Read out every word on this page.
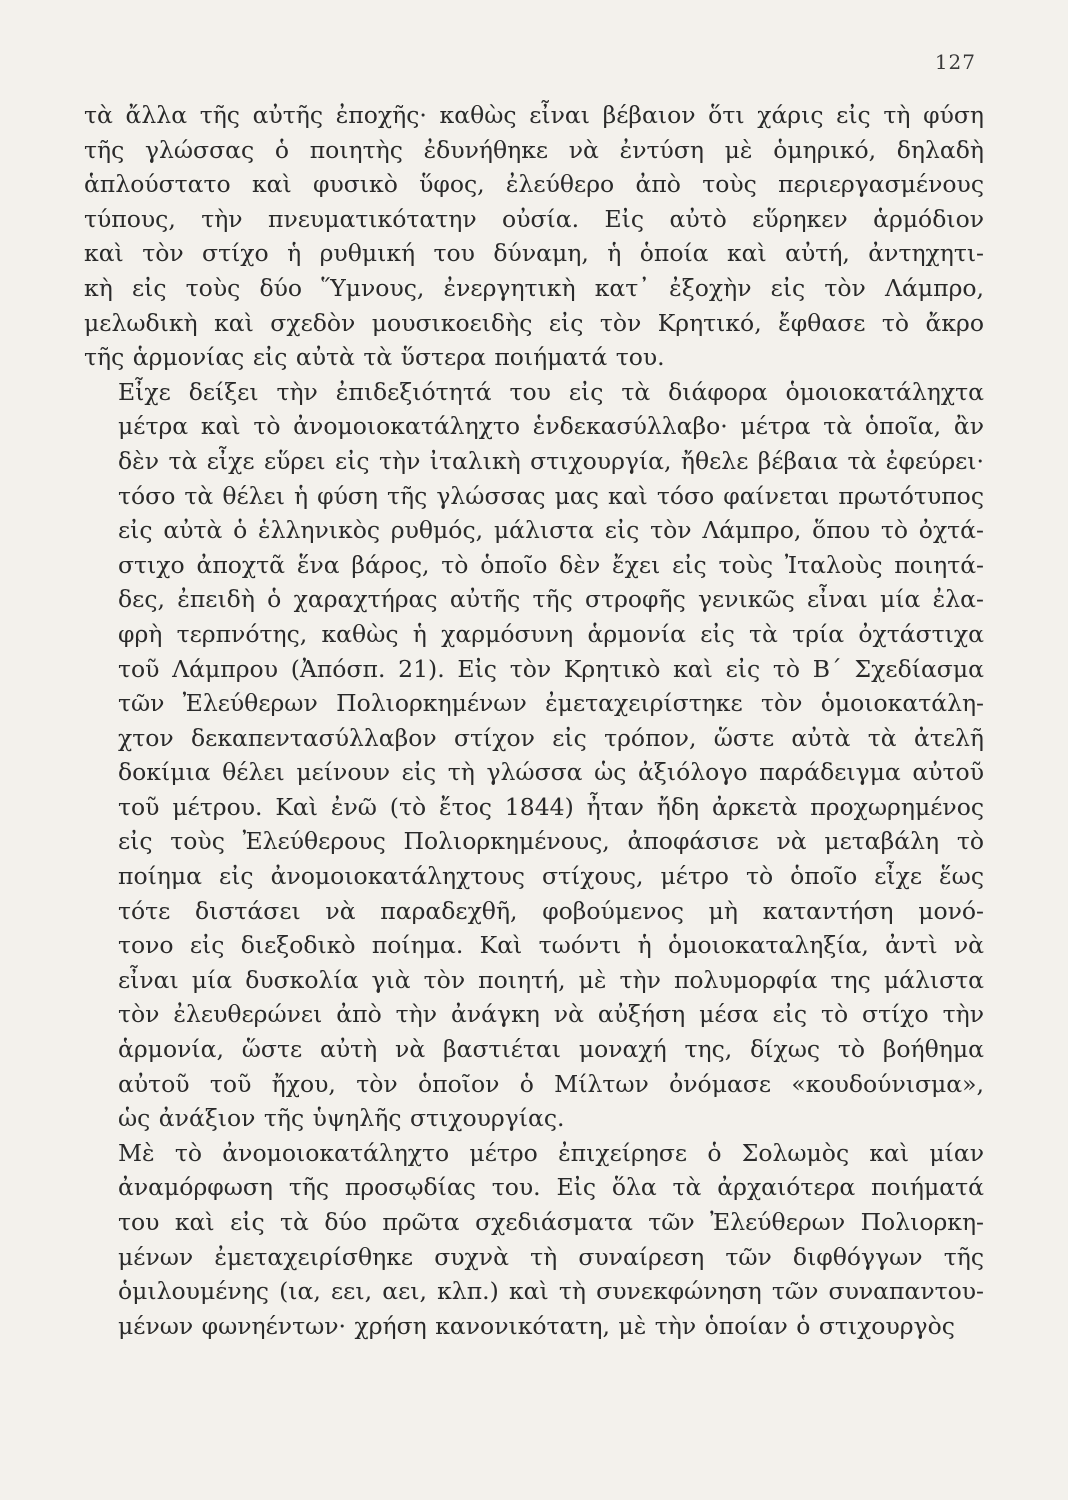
127

τὰ ἄλλα τῆς αὐτῆς ἐποχῆς· καθὼς εἶναι βέβαιον ὅτι χάρις εἰς τὴ φύση
τῆς γλώσσας ὁ ποιητὴς ἐδυνήθηκε νὰ ἐντύση μὲ ὁμηρικό, δηλαδὴ
ἁπλούστατο καὶ φυσικὸ ὕφος, ἐλεύθερο ἀπὸ τοὺς περιεργασμένους
τύπους, τὴν πνευματικότατην οὐσία. Εἰς αὐτὸ εὕρηκεν ἁρμόδιον
καὶ τὸν στίχο ἡ ρυθμική του δύναμη, ἡ ὁποία καὶ αὐτή, ἀντηχητι-
κὴ εἰς τοὺς δύο Ὕμνους, ἐνεργητικὴ κατ᾽ ἐξοχὴν εἰς τὸν Λάμπρο,
μελωδικὴ καὶ σχεδὸν μουσικοειδὴς εἰς τὸν Κρητικό, ἔφθασε τὸ ἄκρο
τῆς ἁρμονίας εἰς αὐτὰ τὰ ὕστερα ποιήματά του.

Εἶχε δείξει τὴν ἐπιδεξιότητά του εἰς τὰ διάφορα ὁμοιοκατάληχτα
μέτρα καὶ τὸ ἀνομοιοκατάληχτο ἑνδεκασύλλαβο· μέτρα τὰ ὁποῖα, ἂν
δὲν τὰ εἶχε εὕρει εἰς τὴν ἰταλικὴ στιχουργία, ἤθελε βέβαια τὰ ἐφεύρει·
τόσο τὰ θέλει ἡ φύση τῆς γλώσσας μας καὶ τόσο φαίνεται πρωτότυπος
εἰς αὐτὰ ὁ ἑλληνικὸς ρυθμός, μάλιστα εἰς τὸν Λάμπρο, ὅπου τὸ ὀχτά-
στιχο ἀποχτᾶ ἕνα βάρος, τὸ ὁποῖο δὲν ἔχει εἰς τοὺς Ἰταλοὺς ποιητά-
δες, ἐπειδὴ ὁ χαραχτήρας αὐτῆς τῆς στροφῆς γενικῶς εἶναι μία ἐλα-
φρὴ τερπνότης, καθὼς ἡ χαρμόσυνη ἁρμονία εἰς τὰ τρία ὀχτάστιχα
τοῦ Λάμπρου (Ἀπόσπ. 21). Εἰς τὸν Κρητικὸ καὶ εἰς τὸ Β΄ Σχεδίασμα
τῶν Ἐλεύθερων Πολιορκημένων ἐμεταχειρίστηκε τὸν ὁμοιοκατάλη-
χτον δεκαπεντασύλλαβον στίχον εἰς τρόπον, ὥστε αὐτὰ τὰ ἀτελῆ
δοκίμια θέλει μείνουν εἰς τὴ γλώσσα ὡς ἀξιόλογο παράδειγμα αὐτοῦ
τοῦ μέτρου. Καὶ ἐνῶ (τὸ ἔτος 1844) ἦταν ἤδη ἀρκετὰ προχωρημένος
εἰς τοὺς Ἐλεύθερους Πολιορκημένους, ἀποφάσισε νὰ μεταβάλη τὸ
ποίημα εἰς ἀνομοιοκατάληχτους στίχους, μέτρο τὸ ὁποῖο εἶχε ἕως
τότε διστάσει νὰ παραδεχθῆ, φοβούμενος μὴ καταντήση μονό-
τονο εἰς διεξοδικὸ ποίημα. Καὶ τωόντι ἡ ὁμοιοκαταληξία, ἀντὶ νὰ
εἶναι μία δυσκολία γιὰ τὸν ποιητή, μὲ τὴν πολυμορφία της μάλιστα
τὸν ἐλευθερώνει ἀπὸ τὴν ἀνάγκη νὰ αὐξήση μέσα εἰς τὸ στίχο τὴν
ἁρμονία, ὥστε αὐτὴ νὰ βαστιέται μοναχή της, δίχως τὸ βοήθημα
αὐτοῦ τοῦ ἤχου, τὸν ὁποῖον ὁ Μίλτων ὀνόμασε «κουδούνισμα»,
ὡς ἀνάξιον τῆς ὑψηλῆς στιχουργίας.

Μὲ τὸ ἀνομοιοκατάληχτο μέτρο ἐπιχείρησε ὁ Σολωμὸς καὶ μίαν
ἀναμόρφωση τῆς προσῳδίας του. Εἰς ὅλα τὰ ἀρχαιότερα ποιήματά
του καὶ εἰς τὰ δύο πρῶτα σχεδιάσματα τῶν Ἐλεύθερων Πολιορκη-
μένων ἐμεταχειρίσθηκε συχνὰ τὴ συναίρεση τῶν διφθόγγων τῆς
ὁμιλουμένης (ια, εει, αει, κλπ.) καὶ τὴ συνεκφώνηση τῶν συναπαντου-
μένων φωνηέντων· χρήση κανονικότατη, μὲ τὴν ὁποίαν ὁ στιχουργὸς
